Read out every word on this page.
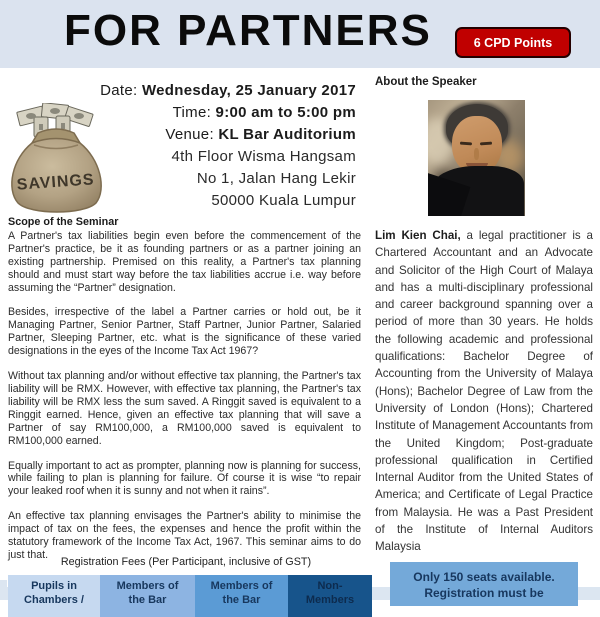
FOR PARTNERS	6 CPD Points
SAVINGS
Date: Wednesday, 25 January 2017
Time: 9:00 am to 5:00 pm
Venue: KL Bar Auditorium
4th Floor Wisma Hangsam
No 1, Jalan Hang Lekir
50000 Kuala Lumpur
Scope of the Seminar

A Partner's tax liabilities begin even before the commencement of the Partner's practice, be it as founding partners or as a partner joining an existing partnership. Premised on this reality, a Partner's tax planning should and must start way before the tax liabilities accrue i.e. way before assuming the “Partner” designation.

Besides, irrespective of the label a Partner carries or hold out, be it Managing Partner, Senior Partner, Staff Partner, Junior Partner, Salaried Partner, Sleeping Partner, etc. what is the significance of these varied designations in the eyes of the Income Tax Act 1967?

Without tax planning and/or without effective tax planning, the Partner's tax liability will be RMX. However, with effective tax planning, the Partner's tax liability will be RMX less the sum saved. A Ringgit saved is equivalent to a Ringgit earned. Hence, given an effective tax planning that will save a Partner of say RM100,000, a RM100,000 saved is equivalent to RM100,000 earned.

Equally important to act as prompter, planning now is planning for success, while failing to plan is planning for failure. Of course it is wise “to repair your leaked roof when it is sunny and not when it rains”.

An effective tax planning envisages the Partner's ability to minimise the impact of tax on the fees, the expenses and hence the profit within the statutory framework of the Income Tax Act, 1967. This seminar aims to do just that.

Registration Fees (Per Participant, inclusive of GST)
Pupils in
Chambers /
Members of
the Bar
Members of
the Bar
Non-
Members
About the Speaker
Lim Kien Chai, a legal practitioner is a Chartered Accountant and an Advocate and Solicitor of the High Court of Malaya and has a multi-disciplinary professional and career background spanning over a period of more than 30 years. He holds the following academic and professional qualifications: Bachelor Degree of Accounting from the University of Malaya (Hons); Bachelor Degree of Law from the University of London (Hons); Chartered Institute of Management Accountants from the United Kingdom; Post-graduate professional qualification in Certified Internal Auditor from the United States of America; and Certificate of Legal Practice from Malaysia. He was a Past President of the Institute of Internal Auditors Malaysia
Only 150 seats available.
Registration must be
